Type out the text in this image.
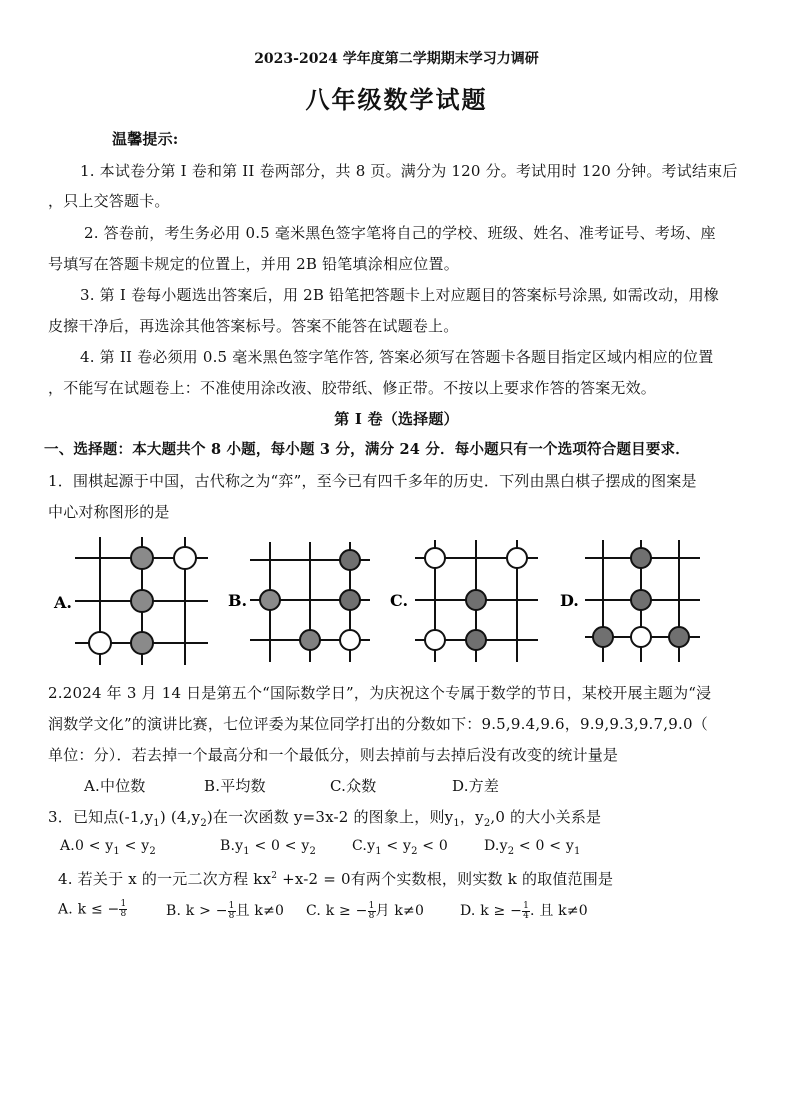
2023-2024 学年度第二学期期末学习力调研
八年级数学试题
温馨提示:
1. 本试卷分第 I 卷和第 II 卷两部分，共 8 页。满分为 120 分。考试用时 120 分钟。考试结束后
，只上交答题卡。
2. 答卷前，考生务必用 0.5 毫米黑色签字笔将自己的学校、班级、姓名、准考证号、考场、座
号填写在答题卡规定的位置上，并用 2B 铅笔填涂相应位置。
3. 第 I 卷每小题选出答案后，用 2B 铅笔把答题卡上对应题目的答案标号涂黑, 如需改动，用橡
皮擦干净后，再选涂其他答案标号。答案不能答在试题卷上。
4. 第 II 卷必须用 0.5 毫米黑色签字笔作答, 答案必须写在答题卡各题目指定区域内相应的位置
，不能写在试题卷上：不准使用涂改液、胶带纸、修正带。不按以上要求作答的答案无效。
第 I 卷（选择题）
一、选择题：本大题共个 8 小题，每小题 3 分，满分 24 分．每小题只有一个选项符合题目要求．
1．围棋起源于中国，古代称之为“弈”，至今已有四千多年的历史．下列由黑白棋子摆成的图案是
中心对称图形的是
A.	B.	C.	D.
2.2024 年 3 月 14 日是第五个“国际数学日”，为庆祝这个专属于数学的节日，某校开展主题为“浸
润数学文化”的演讲比赛，七位评委为某位同学打出的分数如下：9.5,9.4,9.6，9.9,9.3,9.7,9.0（
单位：分）．若去掉一个最高分和一个最低分，则去掉前与去掉后没有改变的统计量是
A.中位数	B.平均数	C.众数	D.方差
3．已知点$(-1,y_1)$ $(4,y_2)$在一次函数 y=3x-2 的图象上，则$y_1$，$y_2,0$ 的大小关系是
$A.0 < y_1 < y_2$	$B.y_1 < 0 < y_2$	$C.y_1 < y_2 < 0$	$D.y_2 < 0 < y_1$
4. 若关于 x 的一元二次方程 $kx^2 +x-2 = 0$有两个实数根，则实数 k 的取值范围是
A. k ≤ − $\frac{1}{8}$	B. k > − $\frac{1}{8}$ 且 k≠0 C. k ≥ − $\frac{1}{8}$ 月 k≠0	D. k ≥ − $\frac{1}{4}$ . 且 k≠0
